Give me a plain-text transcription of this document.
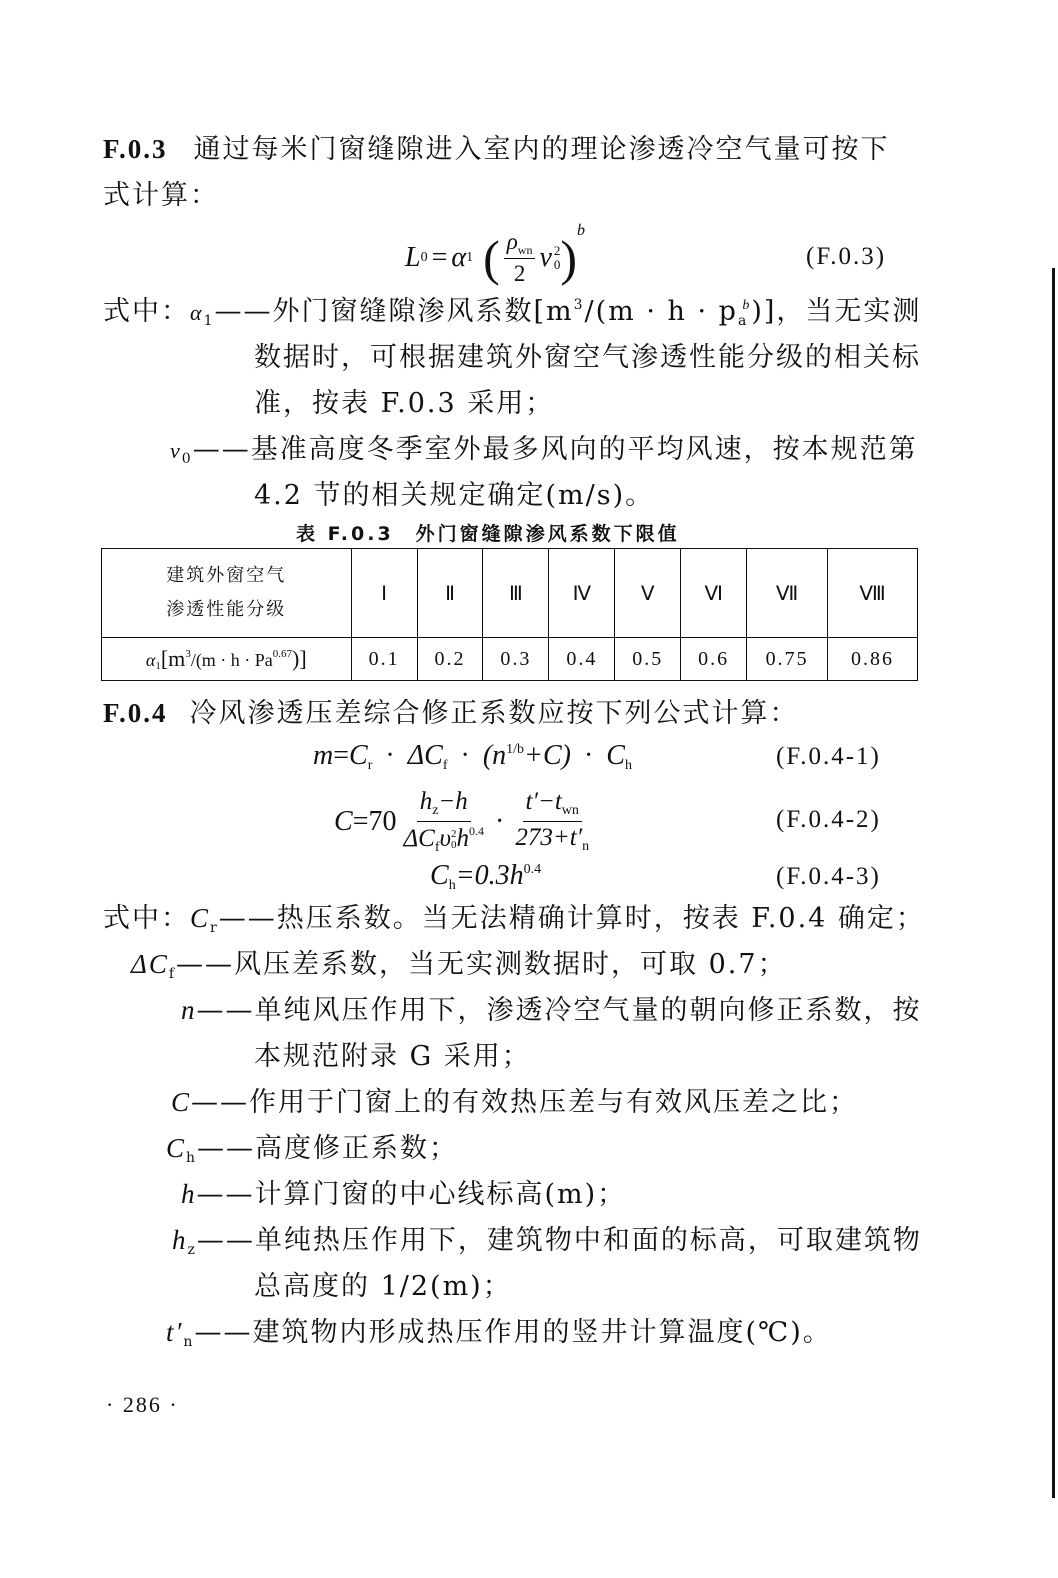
F.0.3 通过每米门窗缝隙进入室内的理论渗透冷空气量可按下
式计算：
L 0 = α 1 ( $\frac{\rho_{wn}}{2}$ ν 2
0 ) b
(F.0.3)
式中：$\alpha_1——$外门窗缝隙渗风系数$[m^3/(m \cdot h \cdot p_a^b)]$，当无实测
数据时，可根据建筑外窗空气渗透性能分级的相关标
准，按表 F.0.3 采用；
$v_0——$基准高度冬季室外最多风向的平均风速，按本规范第
4.2 节的相关规定确定(m/s)。
表 F.0.3　外门窗缝隙渗风系数下限值
建筑外窗空气
渗透性能分级	Ⅰ	Ⅱ	Ⅲ	Ⅳ	Ⅴ	Ⅵ	Ⅶ	Ⅷ
$\alpha 1[m^3/(m \cdot h \cdot Pa^{0.67})]$	0.1	0.2	0.3	0.4	0.5	0.6	0.75	0.86
F.0.4 冷风渗透压差综合修正系数应按下列公式计算：
$m=C_r \cdot \Delta C_f \cdot (n^{1/b}+C) \cdot C_h$	(F.0.4-1)
C =70 $h_z-h$
$\Delta C_f\upsilon$ 2
0 $h^{0.4} \cdot \frac{t'-t_{wn}}{273+t'_n}$	(F.0.4-2)
$C_h=0.3h^{0.4}$	(F.0.4-3)
式中：$C_r——$热压系数。当无法精确计算时，按表 F.0.4 确定；
$\Delta C_f——$风压差系数，当无实测数据时，可取 0.7；
n——单纯风压作用下，渗透冷空气量的朝向修正系数，按
本规范附录 G 采用；
C——作用于门窗上的有效热压差与有效风压差之比；
$C_h——$高度修正系数；
h——计算门窗的中心线标高(m)；
$h_z——$单纯热压作用下，建筑物中和面的标高，可取建筑物
总高度的 1/2(m)；
$t'_n——$建筑物内形成热压作用的竖井计算温度(℃)。
· 286 ·
